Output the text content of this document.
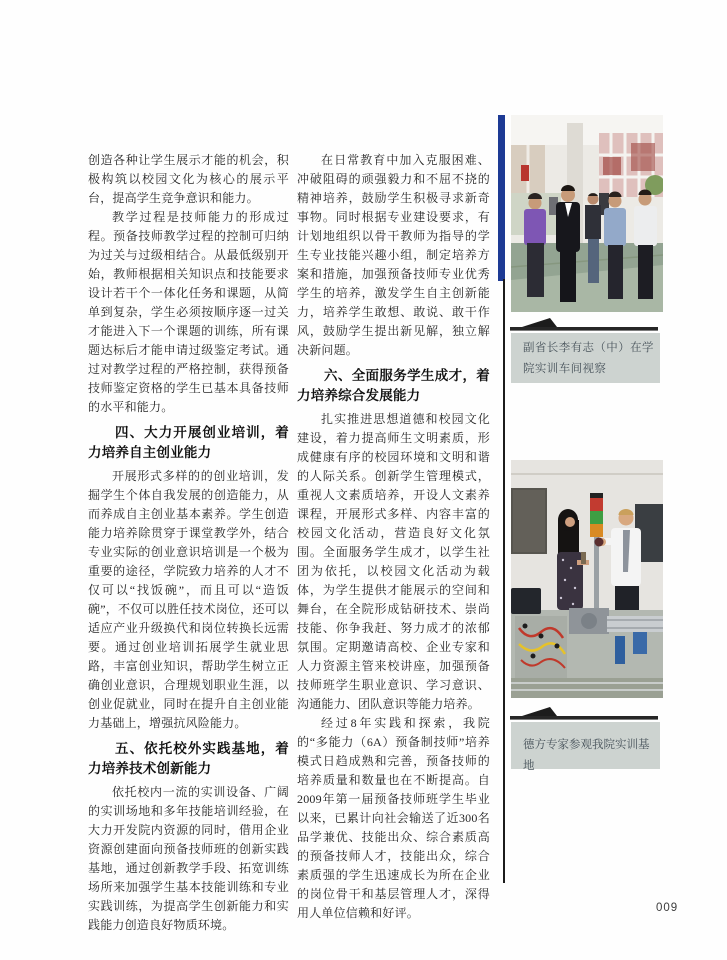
创造各种让学生展示才能的机会，积极构筑以校园文化为核心的展示平台，提高学生竞争意识和能力。

教学过程是技师能力的形成过程。预备技师教学过程的控制可归纳为过关与过级相结合。从最低级别开始，教师根据相关知识点和技能要求设计若干个一体化任务和课题，从简单到复杂，学生必须按顺序逐一过关才能进入下一个课题的训练，所有课题达标后才能申请过级鉴定考试。通过对教学过程的严格控制，获得预备技师鉴定资格的学生已基本具备技师的水平和能力。

四、大力开展创业培训，着力培养自主创业能力

开展形式多样的的创业培训，发掘学生个体自我发展的创造能力，从而养成自主创业基本素养。学生创造能力培养除贯穿于课堂教学外，结合专业实际的创业意识培训是一个极为重要的途径，学院致力培养的人才不仅可以“找饭碗”，而且可以“造饭碗”，不仅可以胜任技术岗位，还可以适应产业升级换代和岗位转换长远需要。通过创业培训拓展学生就业思路，丰富创业知识，帮助学生树立正确创业意识，合理规划职业生涯，以创业促就业，同时在提升自主创业能力基础上，增强抗风险能力。

五、依托校外实践基地，着力培养技术创新能力

依托校内一流的实训设备、广阔的实训场地和多年技能培训经验，在大力开发院内资源的同时，借用企业资源创建面向预备技师班的创新实践基地，通过创新教学手段、拓宽训练场所来加强学生基本技能训练和专业实践训练，为提高学生创新能力和实践能力创造良好物质环境。

在日常教育中加入克服困难、冲破阻碍的顽强毅力和不屈不挠的精神培养，鼓励学生积极寻求新奇事物。同时根据专业建设要求，有计划地组织以骨干教师为指导的学生专业技能兴趣小组，制定培养方案和措施，加强预备技师专业优秀学生的培养，激发学生自主创新能力，培养学生敢想、敢说、敢干作风，鼓励学生提出新见解，独立解决新问题。

六、全面服务学生成才，着力培养综合发展能力

扎实推进思想道德和校园文化建设，着力提高师生文明素质，形成健康有序的校园环境和文明和谐的人际关系。创新学生管理模式，重视人文素质培养，开设人文素养课程，开展形式多样、内容丰富的校园文化活动，营造良好文化氛围。全面服务学生成才，以学生社团为依托，以校园文化活动为载体，为学生提供才能展示的空间和舞台，在全院形成钻研技术、崇尚技能、你争我赶、努力成才的浓郁氛围。定期邀请高校、企业专家和人力资源主管来校讲座，加强预备技师班学生职业意识、学习意识、沟通能力、团队意识等能力培养。

经过8年实践和探索，我院的“多能力（6A）预备制技师”培养模式日趋成熟和完善，预备技师的培养质量和数量也在不断提高。自2009年第一届预备技师班学生毕业以来，已累计向社会输送了近300名品学兼优、技能出众、综合素质高的预备技师人才，技能出众，综合素质强的学生迅速成长为所在企业的岗位骨干和基层管理人才，深得用人单位信赖和好评。

副省长李有志（中）在学院实训车间视察
德方专家参观我院实训基地
009
